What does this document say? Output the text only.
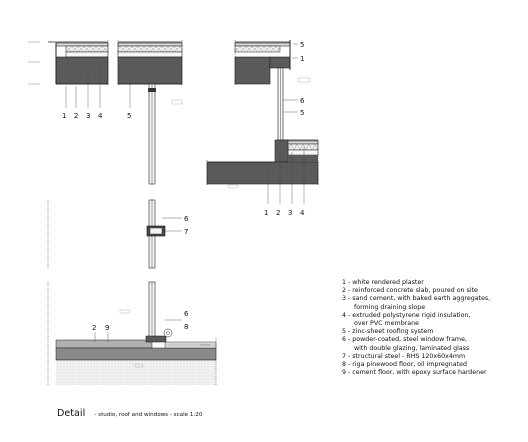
1 2 3 4	5
5
1
6
5
1 2 3 4
6
7
2 9
6
8
1 - white rendered plaster
2 - reinforced concrete slab, poured on site
3 - sand cement, with baked earth aggregates,
forming draining slope
4 - extruded polystyrene rigid insulation,
over PVC membrane
5 - zinc-sheet roofing system
6 - powder-coated, steel window frame,
with double glazing, laminated glass
7 - structural steel - RHS 120x60x4mm
8 - riga pinewood floor, oil impregnated
9 - cement floor, with epoxy surface hardener
Detail - studio, roof and windows - scale 1:20
